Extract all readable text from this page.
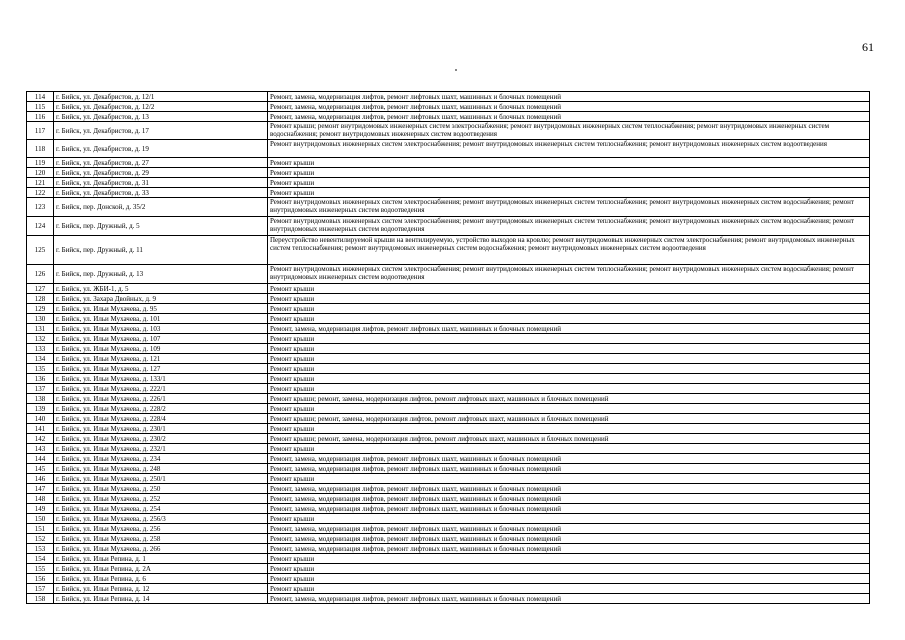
61
114	г. Бийск, ул. Декабристов, д. 12/1	Ремонт, замена, модернизация лифтов, ремонт лифтовых шахт, машинных и блочных помещений
115	г. Бийск, ул. Декабристов, д. 12/2	Ремонт, замена, модернизация лифтов, ремонт лифтовых шахт, машинных и блочных помещений
116	г. Бийск, ул. Декабристов, д. 13	Ремонт, замена, модернизация лифтов, ремонт лифтовых шахт, машинных и блочных помещений
117	г. Бийск, ул. Декабристов, д. 17	Ремонт крыши; ремонт внутридомовых инженерных систем электроснабжения; ремонт внутридомовых инженерных систем теплоснабжения; ремонт внутридомовых инженерных систем водоснабжения; ремонт внутридомовых инженерных систем водоотведения
118	г. Бийск, ул. Декабристов, д. 19	Ремонт внутридомовых инженерных систем электроснабжения; ремонт внутридомовых инженерных систем теплоснабжения; ремонт внутридомовых инженерных систем водоотведения
119	г. Бийск, ул. Декабристов, д. 27	Ремонт крыши
120	г. Бийск, ул. Декабристов, д. 29	Ремонт крыши
121	г. Бийск, ул. Декабристов, д. 31	Ремонт крыши
122	г. Бийск, ул. Декабристов, д. 33	Ремонт крыши
123	г. Бийск, пер. Донской, д. 35/2	Ремонт внутридомовых инженерных систем электроснабжения; ремонт внутридомовых инженерных систем теплоснабжения; ремонт внутридомовых инженерных систем водоснабжения; ремонт внутридомовых инженерных систем водоотведения
124	г. Бийск, пер. Дружный, д. 5	Ремонт внутридомовых инженерных систем электроснабжения; ремонт внутридомовых инженерных систем теплоснабжения; ремонт внутридомовых инженерных систем водоснабжения; ремонт внутридомовых инженерных систем водоотведения
125	г. Бийск, пер. Дружный, д. 11	Переустройство невентилируемой крыши на вентилируемую, устройство выходов на кровлю; ремонт внутридомовых инженерных систем электроснабжения; ремонт внутридомовых инженерных систем теплоснабжения; ремонт внутридомовых инженерных систем водоснабжения; ремонт внутридомовых инженерных систем водоотведения
126	г. Бийск, пер. Дружный, д. 13	Ремонт внутридомовых инженерных систем электроснабжения; ремонт внутридомовых инженерных систем теплоснабжения; ремонт внутридомовых инженерных систем водоснабжения; ремонт внутридомовых инженерных систем водоотведения
127	г. Бийск, ул. ЖБИ-1, д. 5	Ремонт крыши
128	г. Бийск, ул. Захара Двойных, д. 9	Ремонт крыши
129	г. Бийск, ул. Ильи Мухачева, д. 95	Ремонт крыши
130	г. Бийск, ул. Ильи Мухачева, д. 101	Ремонт крыши
131	г. Бийск, ул. Ильи Мухачева, д. 103	Ремонт, замена, модернизация лифтов, ремонт лифтовых шахт, машинных и блочных помещений
132	г. Бийск, ул. Ильи Мухачева, д. 107	Ремонт крыши
133	г. Бийск, ул. Ильи Мухачева, д. 109	Ремонт крыши
134	г. Бийск, ул. Ильи Мухачева, д. 121	Ремонт крыши
135	г. Бийск, ул. Ильи Мухачева, д. 127	Ремонт крыши
136	г. Бийск, ул. Ильи Мухачева, д. 133/1	Ремонт крыши
137	г. Бийск, ул. Ильи Мухачева, д. 222/1	Ремонт крыши
138	г. Бийск, ул. Ильи Мухачева, д. 226/1	Ремонт крыши; ремонт, замена, модернизация лифтов, ремонт лифтовых шахт, машинных и блочных помещений
139	г. Бийск, ул. Ильи Мухачева, д. 228/2	Ремонт крыши
140	г. Бийск, ул. Ильи Мухачева, д. 228/4	Ремонт крыши; ремонт, замена, модернизация лифтов, ремонт лифтовых шахт, машинных и блочных помещений
141	г. Бийск, ул. Ильи Мухачева, д. 230/1	Ремонт крыши
142	г. Бийск, ул. Ильи Мухачева, д. 230/2	Ремонт крыши; ремонт, замена, модернизация лифтов, ремонт лифтовых шахт, машинных и блочных помещений
143	г. Бийск, ул. Ильи Мухачева, д. 232/1	Ремонт крыши
144	г. Бийск, ул. Ильи Мухачева, д. 234	Ремонт, замена, модернизация лифтов, ремонт лифтовых шахт, машинных и блочных помещений
145	г. Бийск, ул. Ильи Мухачева, д. 248	Ремонт, замена, модернизация лифтов, ремонт лифтовых шахт, машинных и блочных помещений
146	г. Бийск, ул. Ильи Мухачева, д. 250/1	Ремонт крыши
147	г. Бийск, ул. Ильи Мухачева, д. 250	Ремонт, замена, модернизация лифтов, ремонт лифтовых шахт, машинных и блочных помещений
148	г. Бийск, ул. Ильи Мухачева, д. 252	Ремонт, замена, модернизация лифтов, ремонт лифтовых шахт, машинных и блочных помещений
149	г. Бийск, ул. Ильи Мухачева, д. 254	Ремонт, замена, модернизация лифтов, ремонт лифтовых шахт, машинных и блочных помещений
150	г. Бийск, ул. Ильи Мухачева, д. 256/3	Ремонт крыши
151	г. Бийск, ул. Ильи Мухачева, д. 256	Ремонт, замена, модернизация лифтов, ремонт лифтовых шахт, машинных и блочных помещений
152	г. Бийск, ул. Ильи Мухачева, д. 258	Ремонт, замена, модернизация лифтов, ремонт лифтовых шахт, машинных и блочных помещений
153	г. Бийск, ул. Ильи Мухачева, д. 266	Ремонт, замена, модернизация лифтов, ремонт лифтовых шахт, машинных и блочных помещений
154	г. Бийск, ул. Ильи Репина, д. 1	Ремонт крыши
155	г. Бийск, ул. Ильи Репина, д. 2А	Ремонт крыши
156	г. Бийск, ул. Ильи Репина, д. 6	Ремонт крыши
157	г. Бийск, ул. Ильи Репина, д. 12	Ремонт крыши
158	г. Бийск, ул. Ильи Репина, д. 14	Ремонт, замена, модернизация лифтов, ремонт лифтовых шахт, машинных и блочных помещений
